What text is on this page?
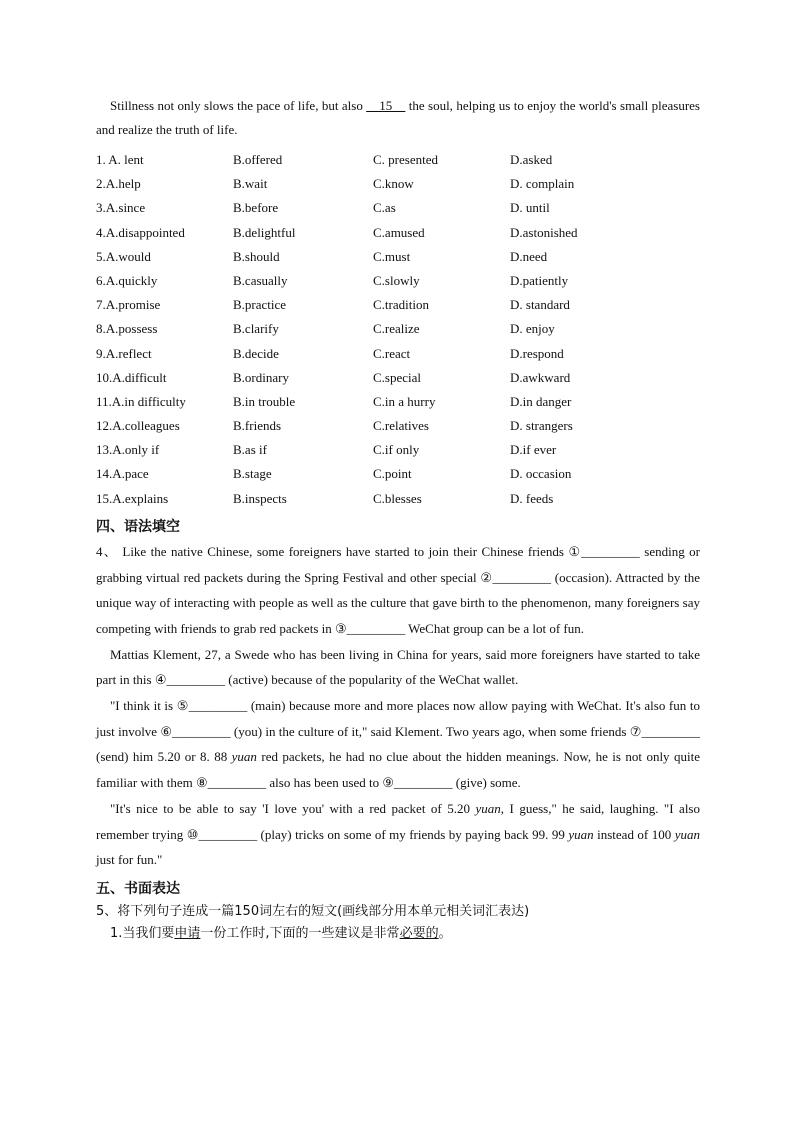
Stillness not only slows the pace of life, but also __15__ the soul, helping us to enjoy the world's small pleasures and realize the truth of life.

1. A. lent	B.offered	C. presented	D.asked
2.A.help	B.wait	C.know	D. complain
3.A.since	B.before	C.as	D. until
4.A.disappointed	B.delightful	C.amused	D.astonished
5.A.would	B.should	C.must	D.need
6.A.quickly	B.casually	C.slowly	D.patiently
7.A.promise	B.practice	C.tradition	D. standard
8.A.possess	B.clarify	C.realize	D. enjoy
9.A.reflect	B.decide	C.react	D.respond
10.A.difficult	B.ordinary	C.special	D.awkward
11.A.in difficulty	B.in trouble	C.in a hurry	D.in danger
12.A.colleagues	B.friends	C.relatives	D. strangers
13.A.only if	B.as if	C.if only	D.if ever
14.A.pace	B.stage	C.point	D. occasion
15.A.explains	B.inspects	C.blesses	D. feeds
四、语法填空

4、 Like the native Chinese, some foreigners have started to join their Chinese friends ①_________ sending or grabbing virtual red packets during the Spring Festival and other special ②_________ (occasion). Attracted by the unique way of interacting with people as well as the culture that gave birth to the phenomenon, many foreigners say competing with friends to grab red packets in ③_________ WeChat group can be a lot of fun.

Mattias Klement, 27, a Swede who has been living in China for years, said more foreigners have started to take part in this ④_________ (active) because of the popularity of the WeChat wallet.

"I think it is ⑤_________ (main) because more and more places now allow paying with WeChat. It's also fun to just involve ⑥_________ (you) in the culture of it," said Klement. Two years ago, when some friends ⑦_________ (send) him 5.20 or 8. 88 yuan red packets, he had no clue about the hidden meanings. Now, he is not only quite familiar with them ⑧_________ also has been used to ⑨_________ (give) some.

"It's nice to be able to say 'I love you' with a red packet of 5.20 yuan, I guess," he said, laughing. "I also remember trying ⑩_________ (play) tricks on some of my friends by paying back 99. 99 yuan instead of 100 yuan just for fun."

五、书面表达

5、将下列句子连成一篇150词左右的短文(画线部分用本单元相关词汇表达)

1.当我们要申请一份工作时,下面的一些建议是非常必要的。
